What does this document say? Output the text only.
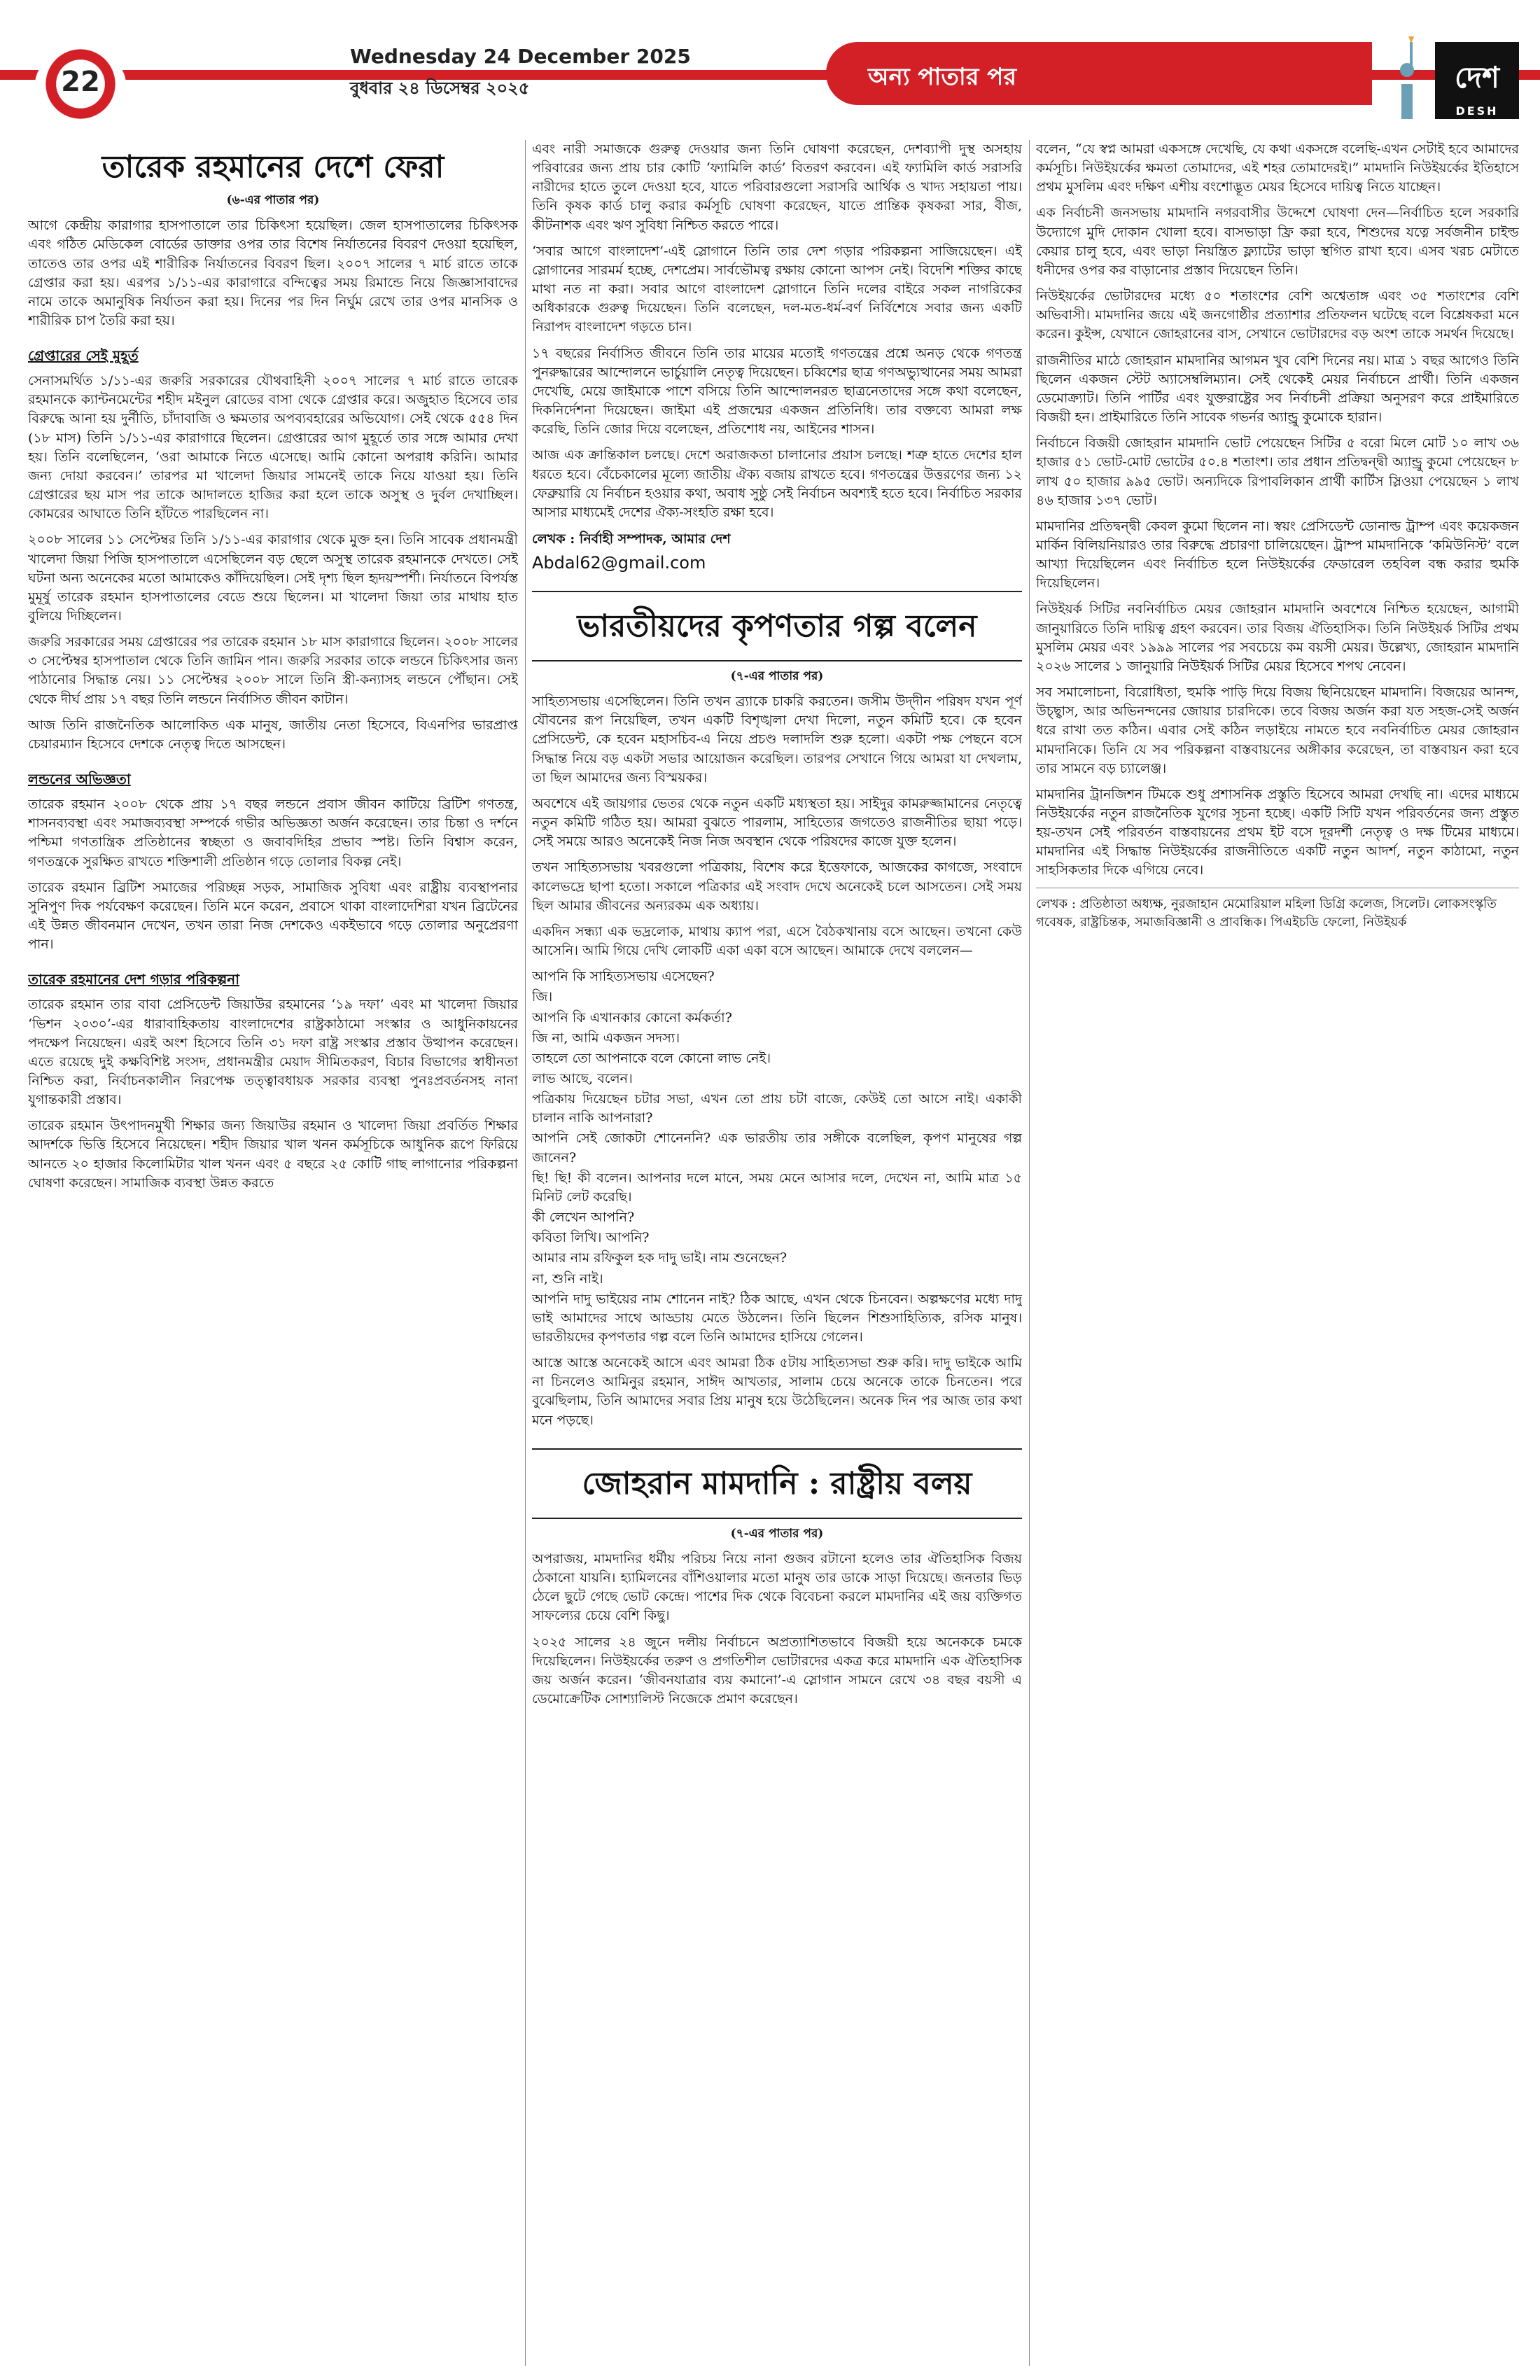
22
Wednesday 24 December 2025
বুধবার ২৪ ডিসেম্বর ২০২৫	অন্য পাতার পর	দেশ
DESH
তারেক রহমানের দেশে ফেরা
(৬-এর পাতার পর)

আগে কেন্দ্রীয় কারাগার হাসপাতালে তার চিকিৎসা হয়েছিল। জেল হাসপাতালের চিকিৎসক এবং গঠিত মেডিকেল বোর্ডের ডাক্তার ওপর তার বিশেষ নির্যাতনের বিবরণ দেওয়া হয়েছিল, তাতেও তার ওপর এই শারীরিক নির্যাতনের বিবরণ ছিল। ২০০৭ সালের ৭ মার্চ রাতে তাকে গ্রেপ্তার করা হয়। এরপর ১/১১-এর কারাগারে বন্দিত্বের সময় রিমান্ডে নিয়ে জিজ্ঞাসাবাদের নামে তাকে অমানুষিক নির্যাতন করা হয়। দিনের পর দিন নির্ঘুম রেখে তার ওপর মানসিক ও শারীরিক চাপ তৈরি করা হয়।

গ্রেপ্তারের সেই মুহূর্ত

সেনাসমর্থিত ১/১১-এর জরুরি সরকারের যৌথবাহিনী ২০০৭ সালের ৭ মার্চ রাতে তারেক রহমানকে ক্যান্টনমেন্টের শহীদ মইনুল রোডের বাসা থেকে গ্রেপ্তার করে। অজুহাত হিসেবে তার বিরুদ্ধে আনা হয় দুর্নীতি, চাঁদাবাজি ও ক্ষমতার অপব্যবহারের অভিযোগ। সেই থেকে ৫৫৪ দিন (১৮ মাস) তিনি ১/১১-এর কারাগারে ছিলেন। গ্রেপ্তারের আগ মুহূর্তে তার সঙ্গে আমার দেখা হয়। তিনি বলেছিলেন, ‘ওরা আমাকে নিতে এসেছে। আমি কোনো অপরাধ করিনি। আমার জন্য দোয়া করবেন।’ তারপর মা খালেদা জিয়ার সামনেই তাকে নিয়ে যাওয়া হয়। তিনি গ্রেপ্তারের ছয় মাস পর তাকে আদালতে হাজির করা হলে তাকে অসুস্থ ও দুর্বল দেখাচ্ছিল। কোমরের আঘাতে তিনি হাঁটতে পারছিলেন না।

২০০৮ সালের ১১ সেপ্টেম্বর তিনি ১/১১-এর কারাগার থেকে মুক্ত হন। তিনি সাবেক প্রধানমন্ত্রী খালেদা জিয়া পিজি হাসপাতালে এসেছিলেন বড় ছেলে অসুস্থ তারেক রহমানকে দেখতে। সেই ঘটনা অন্য অনেকের মতো আমাকেও কাঁদিয়েছিল। সেই দৃশ্য ছিল হৃদয়স্পর্শী। নির্যাতনে বিপর্যস্ত মুমূর্ষু তারেক রহমান হাসপাতালের বেডে শুয়ে ছিলেন। মা খালেদা জিয়া তার মাথায় হাত বুলিয়ে দিচ্ছিলেন।

জরুরি সরকারের সময় গ্রেপ্তারের পর তারেক রহমান ১৮ মাস কারাগারে ছিলেন। ২০০৮ সালের ৩ সেপ্টেম্বর হাসপাতাল থেকে তিনি জামিন পান। জরুরি সরকার তাকে লন্ডনে চিকিৎসার জন্য পাঠানোর সিদ্ধান্ত নেয়। ১১ সেপ্টেম্বর ২০০৮ সালে তিনি স্ত্রী-কন্যাসহ লন্ডনে পৌঁছান। সেই থেকে দীর্ঘ প্রায় ১৭ বছর তিনি লন্ডনে নির্বাসিত জীবন কাটান।

আজ তিনি রাজনৈতিক আলোকিত এক মানুষ, জাতীয় নেতা হিসেবে, বিএনপির ভারপ্রাপ্ত চেয়ারম্যান হিসেবে দেশকে নেতৃত্ব দিতে আসছেন।

লন্ডনের অভিজ্ঞতা

তারেক রহমান ২০০৮ থেকে প্রায় ১৭ বছর লন্ডনে প্রবাস জীবন কাটিয়ে ব্রিটিশ গণতন্ত্র, শাসনব্যবস্থা এবং সমাজব্যবস্থা সম্পর্কে গভীর অভিজ্ঞতা অর্জন করেছেন। তার চিন্তা ও দর্শনে পশ্চিমা গণতান্ত্রিক প্রতিষ্ঠানের স্বচ্ছতা ও জবাবদিহির প্রভাব স্পষ্ট। তিনি বিশ্বাস করেন, গণতন্ত্রকে সুরক্ষিত রাখতে শক্তিশালী প্রতিষ্ঠান গড়ে তোলার বিকল্প নেই।

তারেক রহমান ব্রিটিশ সমাজের পরিচ্ছন্ন সড়ক, সামাজিক সুবিধা এবং রাষ্ট্রীয় ব্যবস্থাপনার সুনিপুণ দিক পর্যবেক্ষণ করেছেন। তিনি মনে করেন, প্রবাসে থাকা বাংলাদেশিরা যখন ব্রিটেনের এই উন্নত জীবনমান দেখেন, তখন তারা নিজ দেশকেও একইভাবে গড়ে তোলার অনুপ্রেরণা পান।

তারেক রহমানের দেশ গড়ার পরিকল্পনা

তারেক রহমান তার বাবা প্রেসিডেন্ট জিয়াউর রহমানের ‘১৯ দফা’ এবং মা খালেদা জিয়ার ‘ভিশন ২০৩০’-এর ধারাবাহিকতায় বাংলাদেশের রাষ্ট্রকাঠামো সংস্কার ও আধুনিকায়নের পদক্ষেপ নিয়েছেন। এরই অংশ হিসেবে তিনি ৩১ দফা রাষ্ট্র সংস্কার প্রস্তাব উত্থাপন করেছেন। এতে রয়েছে দুই কক্ষবিশিষ্ট সংসদ, প্রধানমন্ত্রীর মেয়াদ সীমিতকরণ, বিচার বিভাগের স্বাধীনতা নিশ্চিত করা, নির্বাচনকালীন নিরপেক্ষ তত্ত্বাবধায়ক সরকার ব্যবস্থা পুনঃপ্রবর্তনসহ নানা যুগান্তকারী প্রস্তাব।

তারেক রহমান উৎপাদনমুখী শিক্ষার জন্য জিয়াউর রহমান ও খালেদা জিয়া প্রবর্তিত শিক্ষার আদর্শকে ভিত্তি হিসেবে নিয়েছেন। শহীদ জিয়ার খাল খনন কর্মসূচিকে আধুনিক রূপে ফিরিয়ে আনতে ২০ হাজার কিলোমিটার খাল খনন এবং ৫ বছরে ২৫ কোটি গাছ লাগানোর পরিকল্পনা ঘোষণা করেছেন। সামাজিক ব্যবস্থা উন্নত করতে

এবং নারী সমাজকে গুরুত্ব দেওয়ার জন্য তিনি ঘোষণা করেছেন, দেশব্যাপী দুস্থ অসহায় পরিবারের জন্য প্রায় চার কোটি ‘ফ্যামিলি কার্ড’ বিতরণ করবেন। এই ফ্যামিলি কার্ড সরাসরি নারীদের হাতে তুলে দেওয়া হবে, যাতে পরিবারগুলো সরাসরি আর্থিক ও খাদ্য সহায়তা পায়। তিনি কৃষক কার্ড চালু করার কর্মসূচি ঘোষণা করেছেন, যাতে প্রান্তিক কৃষকরা সার, বীজ, কীটনাশক এবং ঋণ সুবিধা নিশ্চিত করতে পারে।

‘সবার আগে বাংলাদেশ’-এই স্লোগানে তিনি তার দেশ গড়ার পরিকল্পনা সাজিয়েছেন। এই স্লোগানের সারমর্ম হচ্ছে, দেশপ্রেম। সার্বভৌমত্ব রক্ষায় কোনো আপস নেই। বিদেশি শক্তির কাছে মাথা নত না করা। সবার আগে বাংলাদেশ স্লোগানে তিনি দলের বাইরে সকল নাগরিকের অধিকারকে গুরুত্ব দিয়েছেন। তিনি বলেছেন, দল-মত-ধর্ম-বর্ণ নির্বিশেষে সবার জন্য একটি নিরাপদ বাংলাদেশ গড়তে চান।

১৭ বছরের নির্বাসিত জীবনে তিনি তার মায়ের মতোই গণতন্ত্রের প্রশ্নে অনড় থেকে গণতন্ত্র পুনরুদ্ধারের আন্দোলনে ভার্চুয়ালি নেতৃত্ব দিয়েছেন। চব্বিশের ছাত্র গণঅভ্যুত্থানের সময় আমরা দেখেছি, মেয়ে জাইমাকে পাশে বসিয়ে তিনি আন্দোলনরত ছাত্রনেতাদের সঙ্গে কথা বলেছেন, দিকনির্দেশনা দিয়েছেন। জাইমা এই প্রজন্মের একজন প্রতিনিধি। তার বক্তব্যে আমরা লক্ষ করেছি, তিনি জোর দিয়ে বলেছেন, প্রতিশোধ নয়, আইনের শাসন।

আজ এক ক্রান্তিকাল চলছে। দেশে অরাজকতা চালানোর প্রয়াস চলছে। শত্রু হাতে দেশের হাল ধরতে হবে। বেঁচেকালের মূল্যে জাতীয় ঐক্য বজায় রাখতে হবে। গণতন্ত্রের উত্তরণের জন্য ১২ ফেব্রুয়ারি যে নির্বাচন হওয়ার কথা, অবাধ সুষ্ঠু সেই নির্বাচন অবশ্যই হতে হবে। নির্বাচিত সরকার আসার মাধ্যমেই দেশের ঐক্য-সংহতি রক্ষা হবে।

লেখক : নির্বাহী সম্পাদক, আমার দেশ
Abdal62@gmail.com
ভারতীয়দের কৃপণতার গল্প বলেন
(৭-এর পাতার পর)

সাহিত্যসভায় এসেছিলেন। তিনি তখন ব্র্যাকে চাকরি করতেন। জসীম উদ্‌দীন পরিষদ যখন পূর্ণ যৌবনের রূপ নিয়েছিল, তখন একটি বিশৃঙ্খলা দেখা দিলো, নতুন কমিটি হবে। কে হবেন প্রেসিডেন্ট, কে হবেন মহাসচিব-এ নিয়ে প্রচণ্ড দলাদলি শুরু হলো। একটা পক্ষ পেছনে বসে সিদ্ধান্ত নিয়ে বড় একটা সভার আয়োজন করেছিল। তারপর সেখানে গিয়ে আমরা যা দেখলাম, তা ছিল আমাদের জন্য বিস্ময়কর।

অবশেষে এই জায়গার ভেতর থেকে নতুন একটি মধ্যস্থতা হয়। সাইদুর কামরুজ্জামানের নেতৃত্বে নতুন কমিটি গঠিত হয়। আমরা বুঝতে পারলাম, সাহিত্যের জগতেও রাজনীতির ছায়া পড়ে। সেই সময়ে আরও অনেকেই নিজ নিজ অবস্থান থেকে পরিষদের কাজে যুক্ত হলেন।

তখন সাহিত্যসভায় খবরগুলো পত্রিকায়, বিশেষ করে ইত্তেফাকে, আজকের কাগজে, সংবাদে কালেভদ্রে ছাপা হতো। সকালে পত্রিকার এই সংবাদ দেখে অনেকেই চলে আসতেন। সেই সময় ছিল আমার জীবনের অন্যরকম এক অধ্যায়।

একদিন সন্ধ্যা এক ভদ্রলোক, মাথায় ক্যাপ পরা, এসে বৈঠকখানায় বসে আছেন। তখনো কেউ আসেনি। আমি গিয়ে দেখি লোকটি একা একা বসে আছেন। আমাকে দেখে বললেন—

আপনি কি সাহিত্যসভায় এসেছেন?

জি।

আপনি কি এখানকার কোনো কর্মকর্তা?

জি না, আমি একজন সদস্য।

তাহলে তো আপনাকে বলে কোনো লাভ নেই।

লাভ আছে, বলেন।

পত্রিকায় দিয়েছেন চটার সভা, এখন তো প্রায় চটা বাজে, কেউই তো আসে নাই। একাকী চালান নাকি আপনারা?

আপনি সেই জোকটা শোনেননি? এক ভারতীয় তার সঙ্গীকে বলেছিল, কৃপণ মানুষের গল্প জানেন?

ছি! ছি! কী বলেন। আপনার দলে মানে, সময় মেনে আসার দলে, দেখেন না, আমি মাত্র ১৫ মিনিট লেট করেছি।

কী লেখেন আপনি?

কবিতা লিখি। আপনি?

আমার নাম রফিকুল হক দাদু ভাই। নাম শুনেছেন?

না, শুনি নাই।

আপনি দাদু ভাইয়ের নাম শোনেন নাই? ঠিক আছে, এখন থেকে চিনবেন। অল্পক্ষণের মধ্যে দাদু ভাই আমাদের সাথে আড্ডায় মেতে উঠলেন। তিনি ছিলেন শিশুসাহিত্যিক, রসিক মানুষ। ভারতীয়দের কৃপণতার গল্প বলে তিনি আমাদের হাসিয়ে গেলেন।

আস্তে আস্তে অনেকেই আসে এবং আমরা ঠিক ৫টায় সাহিত্যসভা শুরু করি। দাদু ভাইকে আমি না চিনলেও আমিনুর রহমান, সাঈদ আখতার, সালাম চেয়ে অনেকে তাকে চিনতেন। পরে বুঝেছিলাম, তিনি আমাদের সবার প্রিয় মানুষ হয়ে উঠেছিলেন। অনেক দিন পর আজ তার কথা মনে পড়ছে।

জোহরান মামদানি : রাষ্ট্রীয় বলয়
(৭-এর পাতার পর)

অপরাজয়, মামদানির ধর্মীয় পরিচয় নিয়ে নানা গুজব রটানো হলেও তার ঐতিহাসিক বিজয় ঠেকানো যায়নি। হ্যামিলনের বাঁশিওয়ালার মতো মানুষ তার ডাকে সাড়া দিয়েছে। জনতার ভিড় ঠেলে ছুটে গেছে ভোট কেন্দ্রে। পাশের দিক থেকে বিবেচনা করলে মামদানির এই জয় ব্যক্তিগত সাফল্যের চেয়ে বেশি কিছু।

২০২৫ সালের ২৪ জুনে দলীয় নির্বাচনে অপ্রত্যাশিতভাবে বিজয়ী হয়ে অনেককে চমকে দিয়েছিলেন। নিউইয়র্কের তরুণ ও প্রগতিশীল ভোটারদের একত্র করে মামদানি এক ঐতিহাসিক জয় অর্জন করেন। ‘জীবনযাত্রার ব্যয় কমানো’-এ স্লোগান সামনে রেখে ৩৪ বছর বয়সী এ ডেমোক্রেটিক সোশ্যালিস্ট নিজেকে প্রমাণ করেছেন।

বলেন, “যে স্বপ্ন আমরা একসঙ্গে দেখেছি, যে কথা একসঙ্গে বলেছি-এখন সেটাই হবে আমাদের কর্মসূচি। নিউইয়র্কের ক্ষমতা তোমাদের, এই শহর তোমাদেরই।” মামদানি নিউইয়র্কের ইতিহাসে প্রথম মুসলিম এবং দক্ষিণ এশীয় বংশোদ্ভূত মেয়র হিসেবে দায়িত্ব নিতে যাচ্ছেন।

এক নির্বাচনী জনসভায় মামদানি নগরবাসীর উদ্দেশে ঘোষণা দেন—নির্বাচিত হলে সরকারি উদ্যোগে মুদি দোকান খোলা হবে। বাসভাড়া ফ্রি করা হবে, শিশুদের যত্নে সর্বজনীন চাইল্ড কেয়ার চালু হবে, এবং ভাড়া নিয়ন্ত্রিত ফ্ল্যাটের ভাড়া স্থগিত রাখা হবে। এসব খরচ মেটাতে ধনীদের ওপর কর বাড়ানোর প্রস্তাব দিয়েছেন তিনি।

নিউইয়র্কের ভোটারদের মধ্যে ৫০ শতাংশের বেশি অশ্বেতাঙ্গ এবং ৩৫ শতাংশের বেশি অভিবাসী। মামদানির জয়ে এই জনগোষ্ঠীর প্রত্যাশার প্রতিফলন ঘটেছে বলে বিশ্লেষকরা মনে করেন। কুইন্স, যেখানে জোহরানের বাস, সেখানে ভোটারদের বড় অংশ তাকে সমর্থন দিয়েছে।

রাজনীতির মাঠে জোহরান মামদানির আগমন খুব বেশি দিনের নয়। মাত্র ১ বছর আগেও তিনি ছিলেন একজন স্টেট অ্যাসেম্বলিম্যান। সেই থেকেই মেয়র নির্বাচনে প্রার্থী। তিনি একজন ডেমোক্র্যাট। তিনি পার্টির এবং যুক্তরাষ্ট্রের সব নির্বাচনী প্রক্রিয়া অনুসরণ করে প্রাইমারিতে বিজয়ী হন। প্রাইমারিতে তিনি সাবেক গভর্নর অ্যান্ড্রু কুমোকে হারান।

নির্বাচনে বিজয়ী জোহরান মামদানি ভোট পেয়েছেন সিটির ৫ বরো মিলে মোট ১০ লাখ ৩৬ হাজার ৫১ ভোট-মোট ভোটের ৫০.৪ শতাংশ। তার প্রধান প্রতিদ্বন্দ্বী অ্যান্ড্রু কুমো পেয়েছেন ৮ লাখ ৫০ হাজার ৯৯৫ ভোট। অন্যদিকে রিপাবলিকান প্রার্থী কার্টিস স্লিওয়া পেয়েছেন ১ লাখ ৪৬ হাজার ১৩৭ ভোট।

মামদানির প্রতিদ্বন্দ্বী কেবল কুমো ছিলেন না। স্বয়ং প্রেসিডেন্ট ডোনাল্ড ট্রাম্প এবং কয়েকজন মার্কিন বিলিয়নিয়ারও তার বিরুদ্ধে প্রচারণা চালিয়েছেন। ট্রাম্প মামদানিকে ‘কমিউনিস্ট’ বলে আখ্যা দিয়েছিলেন এবং নির্বাচিত হলে নিউইয়র্কের ফেডারেল তহবিল বন্ধ করার হুমকি দিয়েছিলেন।

নিউইয়র্ক সিটির নবনির্বাচিত মেয়র জোহরান মামদানি অবশেষে নিশ্চিত হয়েছেন, আগামী জানুয়ারিতে তিনি দায়িত্ব গ্রহণ করবেন। তার বিজয় ঐতিহাসিক। তিনি নিউইয়র্ক সিটির প্রথম মুসলিম মেয়র এবং ১৯৯৯ সালের পর সবচেয়ে কম বয়সী মেয়র। উল্লেখ্য, জোহরান মামদানি ২০২৬ সালের ১ জানুয়ারি নিউইয়র্ক সিটির মেয়র হিসেবে শপথ নেবেন।

সব সমালোচনা, বিরোধিতা, হুমকি পাড়ি দিয়ে বিজয় ছিনিয়েছেন মামদানি। বিজয়ের আনন্দ, উচ্ছ্বাস, আর অভিনন্দনের জোয়ার চারদিকে। তবে বিজয় অর্জন করা যত সহজ-সেই অর্জন ধরে রাখা তত কঠিন। এবার সেই কঠিন লড়াইয়ে নামতে হবে নবনির্বাচিত মেয়র জোহরান মামদানিকে। তিনি যে সব পরিকল্পনা বাস্তবায়নের অঙ্গীকার করেছেন, তা বাস্তবায়ন করা হবে তার সামনে বড় চ্যালেঞ্জ।

মামদানির ট্রানজিশন টিমকে শুধু প্রশাসনিক প্রস্তুতি হিসেবে আমরা দেখছি না। এদের মাধ্যমে নিউইয়র্কের নতুন রাজনৈতিক যুগের সূচনা হচ্ছে। একটি সিটি যখন পরিবর্তনের জন্য প্রস্তুত হয়-তখন সেই পরিবর্তন বাস্তবায়নের প্রথম ইট বসে দূরদর্শী নেতৃত্ব ও দক্ষ টিমের মাধ্যমে। মামদানির এই সিদ্ধান্ত নিউইয়র্কের রাজনীতিতে একটি নতুন আদর্শ, নতুন কাঠামো, নতুন সাহসিকতার দিকে এগিয়ে নেবে।

লেখক : প্রতিষ্ঠাতা অধ্যক্ষ, নুরজাহান মেমোরিয়াল মহিলা ডিগ্রি কলেজ, সিলেট। লোকসংস্কৃতি গবেষক, রাষ্ট্রচিন্তক, সমাজবিজ্ঞানী ও প্রাবন্ধিক। পিএইচডি ফেলো, নিউইয়র্ক
